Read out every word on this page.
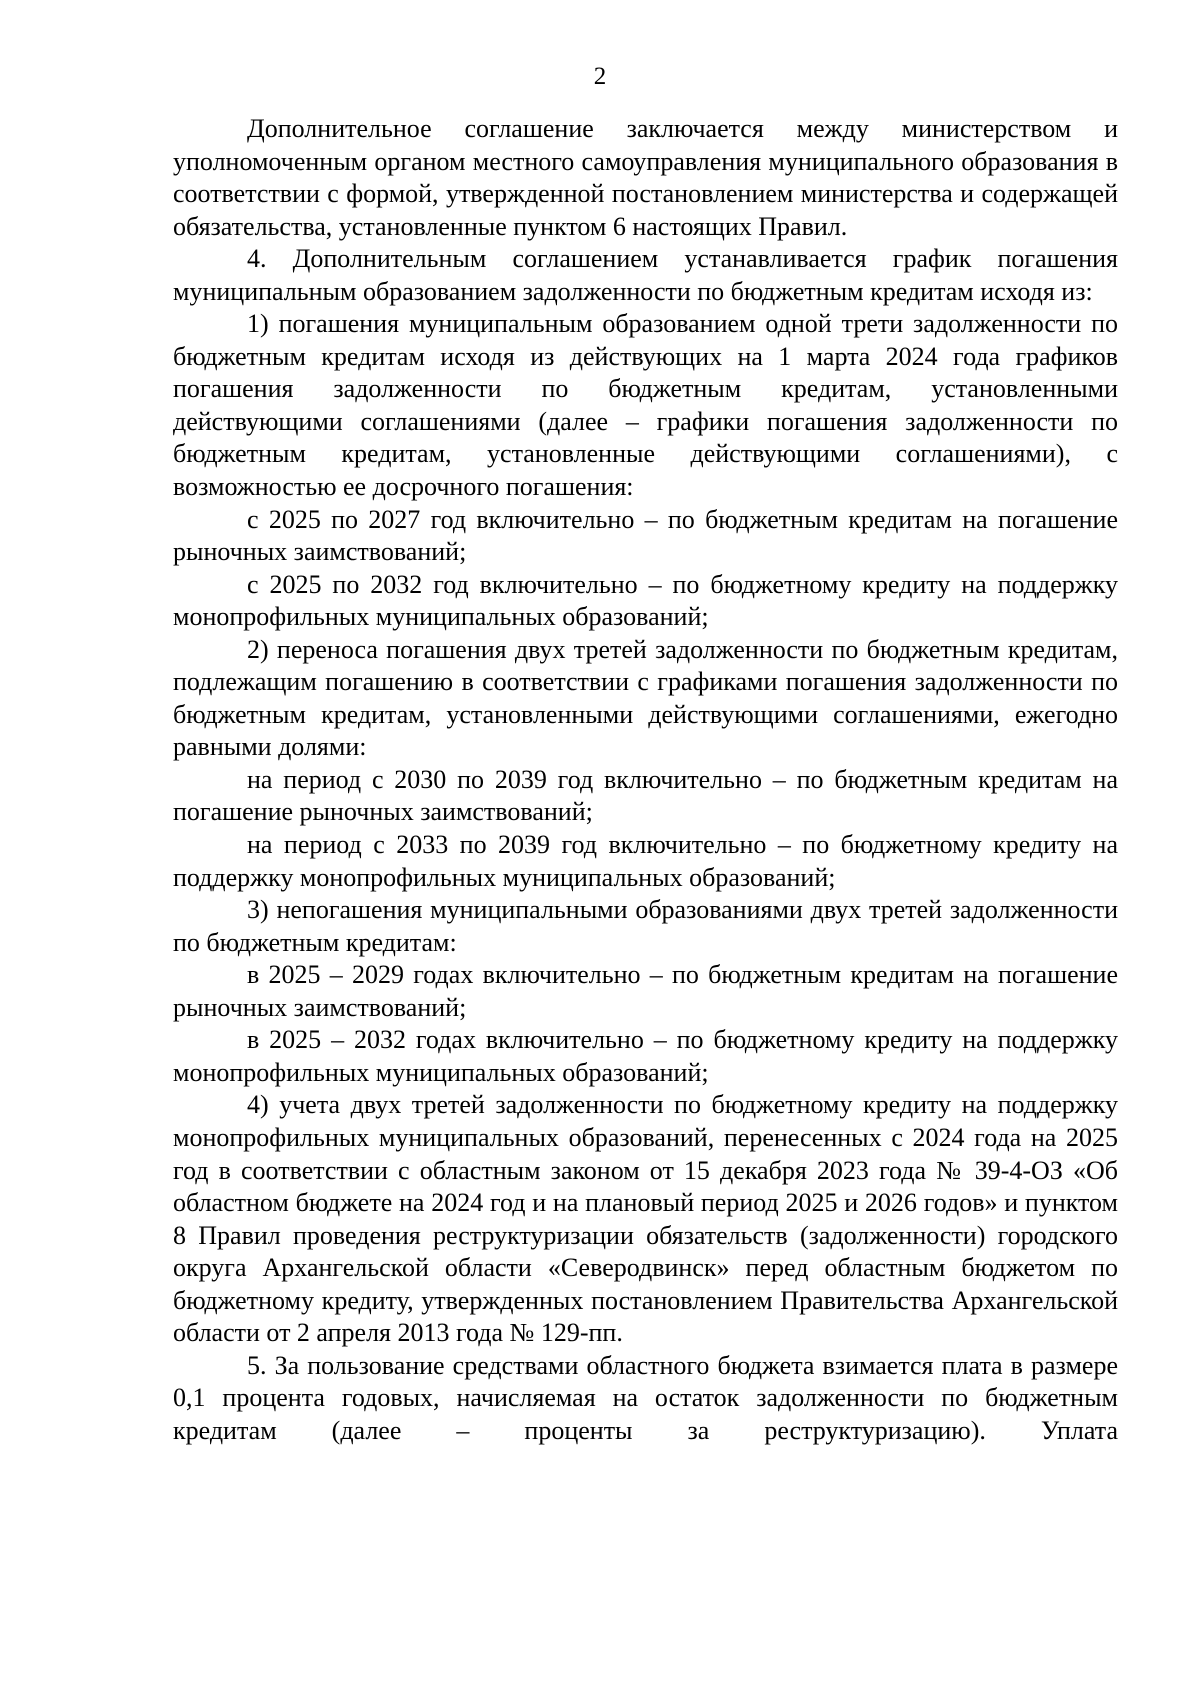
2

Дополнительное соглашение заключается между министерством и уполномоченным органом местного самоуправления муниципального образования в соответствии с формой, утвержденной постановлением министерства и содержащей обязательства, установленные пунктом 6 настоящих Правил.

4. Дополнительным соглашением устанавливается график погашения муниципальным образованием задолженности по бюджетным кредитам исходя из:

1) погашения муниципальным образованием одной трети задолженности по бюджетным кредитам исходя из действующих на 1 марта 2024 года графиков погашения задолженности по бюджетным кредитам, установленными действующими соглашениями (далее – графики погашения задолженности по бюджетным кредитам, установленные действующими соглашениями), с возможностью ее досрочного погашения:

с 2025 по 2027 год включительно – по бюджетным кредитам на погашение рыночных заимствований;

с 2025 по 2032 год включительно – по бюджетному кредиту на поддержку монопрофильных муниципальных образований;

2) переноса погашения двух третей задолженности по бюджетным кредитам, подлежащим погашению в соответствии с графиками погашения задолженности по бюджетным кредитам, установленными действующими соглашениями, ежегодно равными долями:

на период с 2030 по 2039 год включительно – по бюджетным кредитам на погашение рыночных заимствований;

на период с 2033 по 2039 год включительно – по бюджетному кредиту на поддержку монопрофильных муниципальных образований;

3) непогашения муниципальными образованиями двух третей задолженности по бюджетным кредитам:

в 2025 – 2029 годах включительно – по бюджетным кредитам на погашение рыночных заимствований;

в 2025 – 2032 годах включительно – по бюджетному кредиту на поддержку монопрофильных муниципальных образований;

4) учета двух третей задолженности по бюджетному кредиту на поддержку монопрофильных муниципальных образований, перенесенных с 2024 года на 2025 год в соответствии с областным законом от 15 декабря 2023 года № 39-4-ОЗ «Об областном бюджете на 2024 год и на плановый период 2025 и 2026 годов» и пунктом 8 Правил проведения реструктуризации обязательств (задолженности) городского округа Архангельской области «Северодвинск» перед областным бюджетом по бюджетному кредиту, утвержденных постановлением Правительства Архангельской области от 2 апреля 2013 года № 129-пп.

5. За пользование средствами областного бюджета взимается плата в размере 0,1 процента годовых, начисляемая на остаток задолженности по бюджетным кредитам (далее – проценты за реструктуризацию). Уплата
